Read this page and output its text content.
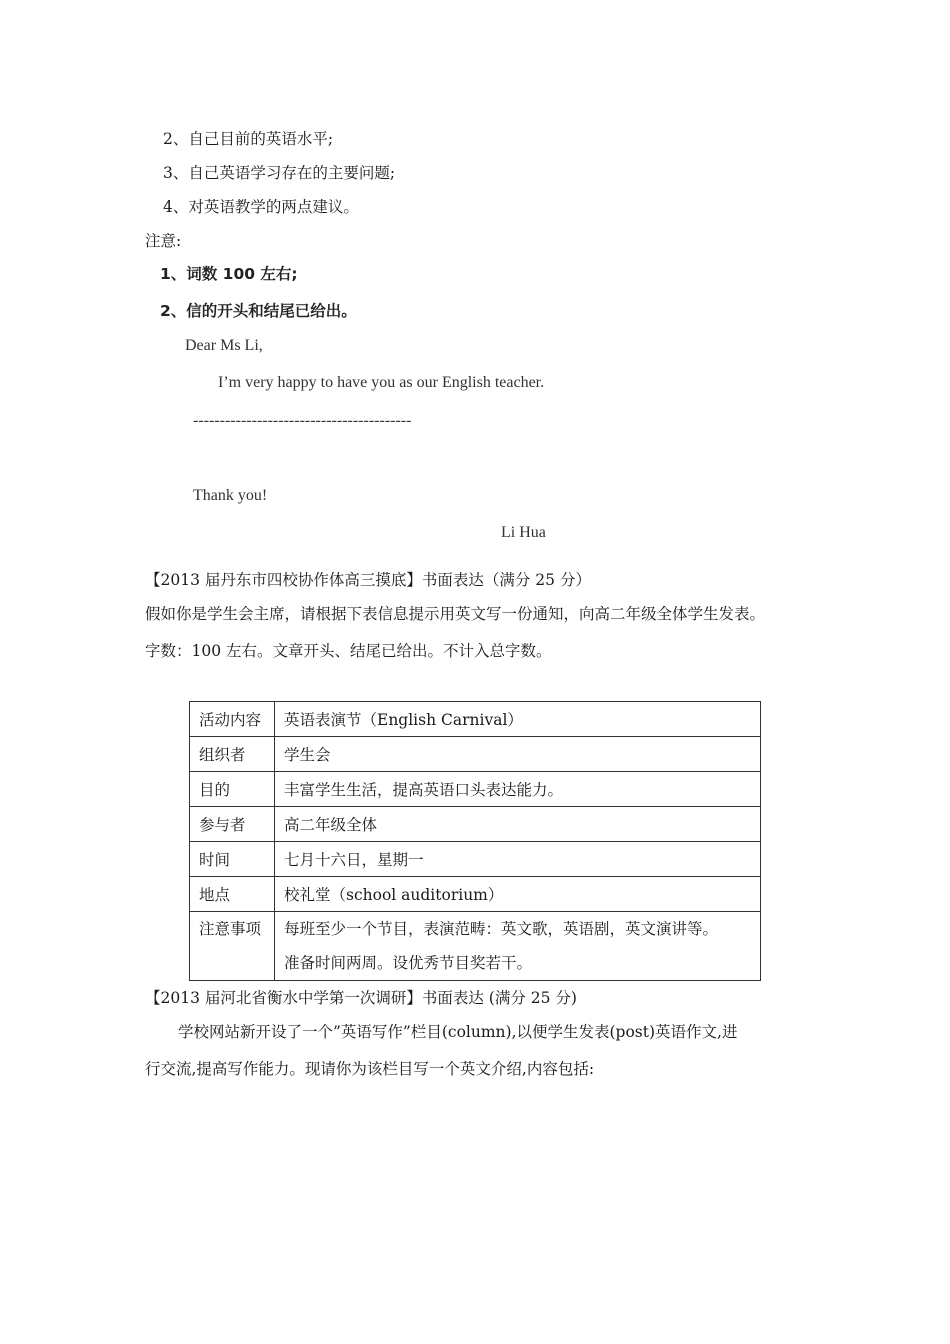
2、自己目前的英语水平;
3、自己英语学习存在的主要问题;
4、对英语教学的两点建议。
注意:
1、词数 100 左右;
2、信的开头和结尾已给出。
Dear Ms Li,
I’m very happy to have you as our English teacher.
-----------------------------------------
Thank you!
Li Hua
【2013 届丹东市四校协作体高三摸底】书面表达（满分 25 分）
假如你是学生会主席，请根据下表信息提示用英文写一份通知，向高二年级全体学生发表。
字数：100 左右。文章开头、结尾已给出。不计入总字数。
活动内容	英语表演节（English Carnival）
组织者	学生会
目的	丰富学生生活，提高英语口头表达能力。
参与者	高二年级全体
时间	七月十六日，星期一
地点	校礼堂（school auditorium）
注意事项	每班至少一个节目，表演范畴：英文歌，英语剧，英文演讲等。
准备时间两周。设优秀节目奖若干。
【2013 届河北省衡水中学第一次调研】书面表达 (满分 25 分)
学校网站新开设了一个”英语写作”栏目(column),以便学生发表(post)英语作文,进
行交流,提高写作能力。现请你为该栏目写一个英文介绍,内容包括:
